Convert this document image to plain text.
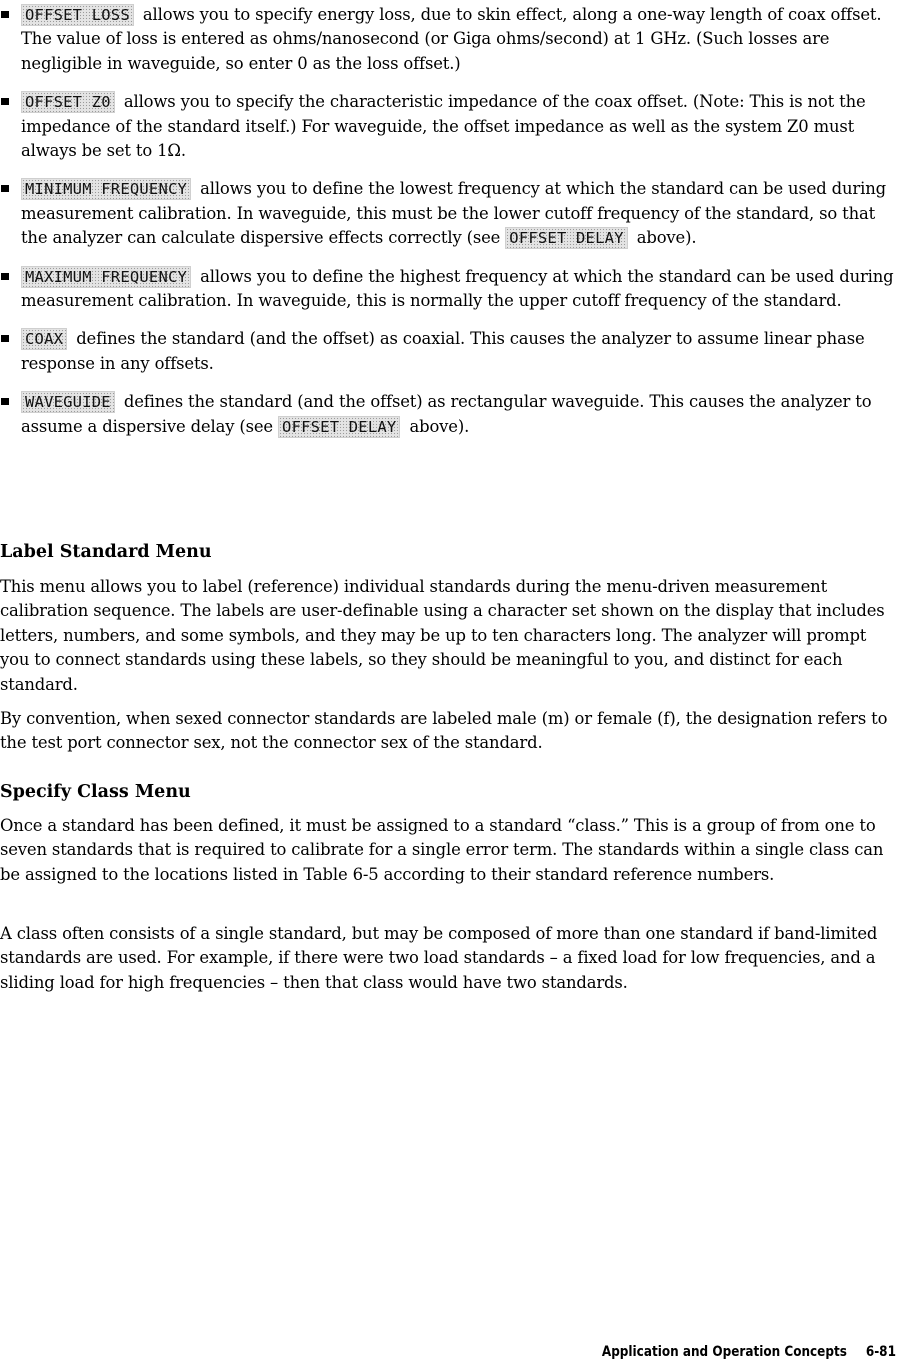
OFFSET LOSS allows you to specify energy loss, due to skin effect, along a one-way length of coax offset. The value of loss is entered as ohms/nanosecond (or Giga ohms/second) at 1 GHz. (Such losses are negligible in waveguide, so enter 0 as the loss offset.)
OFFSET Z0 allows you to specify the characteristic impedance of the coax offset. (Note: This is not the impedance of the standard itself.) For waveguide, the offset impedance as well as the system Z0 must always be set to 1Ω.
MINIMUM FREQUENCY allows you to define the lowest frequency at which the standard can be used during measurement calibration. In waveguide, this must be the lower cutoff frequency of the standard, so that the analyzer can calculate dispersive effects correctly (see OFFSET DELAY above).
MAXIMUM FREQUENCY allows you to define the highest frequency at which the standard can be used during measurement calibration. In waveguide, this is normally the upper cutoff frequency of the standard.
COAX defines the standard (and the offset) as coaxial. This causes the analyzer to assume linear phase response in any offsets.
WAVEGUIDE defines the standard (and the offset) as rectangular waveguide. This causes the analyzer to assume a dispersive delay (see OFFSET DELAY above).
Label Standard Menu

This menu allows you to label (reference) individual standards during the menu-driven measurement calibration sequence. The labels are user-definable using a character set shown on the display that includes letters, numbers, and some symbols, and they may be up to ten characters long. The analyzer will prompt you to connect standards using these labels, so they should be meaningful to you, and distinct for each standard.

By convention, when sexed connector standards are labeled male (m) or female (f), the designation refers to the test port connector sex, not the connector sex of the standard.

Specify Class Menu

Once a standard has been defined, it must be assigned to a standard “class.” This is a group of from one to seven standards that is required to calibrate for a single error term. The standards within a single class can be assigned to the locations listed in Table 6-5 according to their standard reference numbers.

A class often consists of a single standard, but may be composed of more than one standard if band-limited standards are used. For example, if there were two load standards – a fixed load for low frequencies, and a sliding load for high frequencies – then that class would have two standards.

Application and Operation Concepts 6-81
